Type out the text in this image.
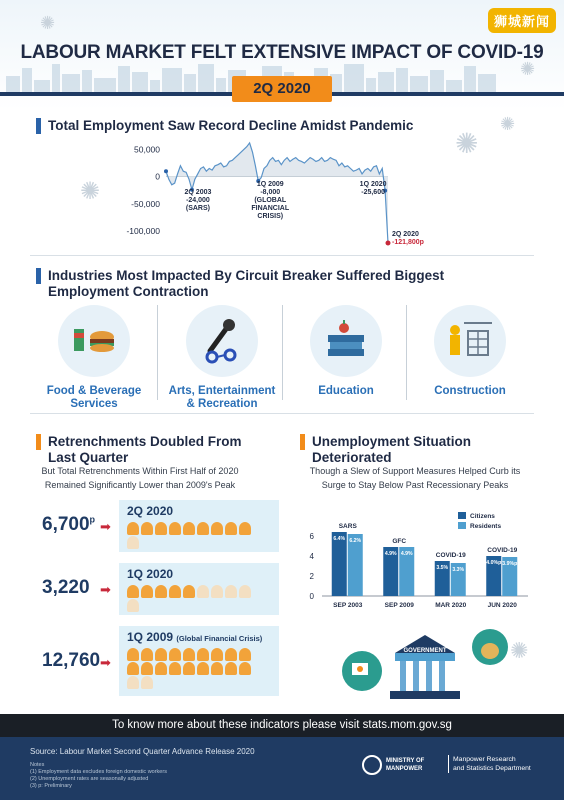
✺
✺
✺
✺
✺
✺
狮城新闻
LABOUR MARKET FELT EXTENSIVE IMPACT OF COVID-19
2Q 2020
Total Employment Saw Record Decline Amidst Pandemic
50,000
0
-50,000
-100,000
2Q 2003
-24,000
(SARS)
1Q 2009
-8,000
(GLOBAL
FINANCIAL
CRISIS)
1Q 2020
-25,600
2Q 2020
-121,800p
Industries Most Impacted By Circuit Breaker Suffered Biggest
Employment Contraction
Food & Beverage
Services
Arts, Entertainment
& Recreation
Education	Construction
Retrenchments Doubled From
Last Quarter
But Total Retrenchments Within First Half of 2020
Remained Significantly Lower than 2009's Peak
6,700$^p$ ➡
2Q 2020
3,220 ➡
1Q 2020
12,760 ➡
1Q 2009 (Global Financial Crisis)
Unemployment Situation
Deteriorated
Though a Slew of Support Measures Helped Curb its
Surge to Stay Below Past Recessionary Peaks
0
2
4
6
SARS
6.4% 6.2%
SEP 2003
GFC
4.9% 4.9%
SEP 2009
COVID-19
3.5% 3.3%
MAR 2020
COVID-19
4.0%p 3.9%p
JUN 2020
Citizens
Residents
GOVERNMENT
To know more about these indicators please visit stats.mom.gov.sg
Source: Labour Market Second Quarter Advance Release 2020
Notes
(1) Employment data excludes foreign domestic workers
(2) Unemployment rates are seasonally adjusted
(3) p: Preliminary
MINISTRY OF
MANPOWER
Manpower Research
and Statistics Department
